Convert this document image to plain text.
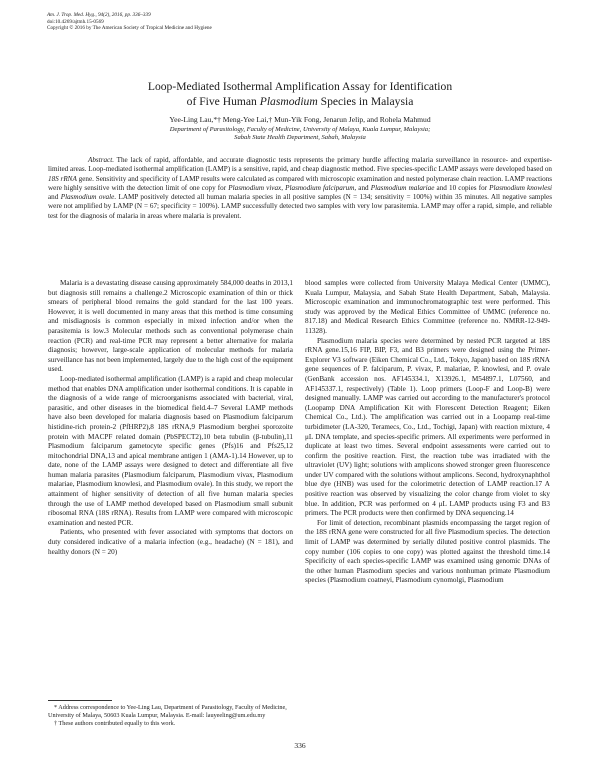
Am. J. Trop. Med. Hyg., 94(2), 2016, pp. 336–339
doi:10.4269/ajtmh.15-0569
Copyright © 2016 by The American Society of Tropical Medicine and Hygiene
Loop-Mediated Isothermal Amplification Assay for Identification
of Five Human Plasmodium Species in Malaysia
Yee-Ling Lau,*† Meng-Yee Lai,† Mun-Yik Fong, Jenarun Jelip, and Rohela Mahmud
Department of Parasitology, Faculty of Medicine, University of Malaya, Kuala Lumpur, Malaysia;
Sabah State Health Department, Sabah, Malaysia
Abstract. The lack of rapid, affordable, and accurate diagnostic tests represents the primary hurdle affecting malaria surveillance in resource- and expertise-limited areas. Loop-mediated isothermal amplification (LAMP) is a sensitive, rapid, and cheap diagnostic method. Five species-specific LAMP assays were developed based on 18S rRNA gene. Sensitivity and specificity of LAMP results were calculated as compared with microscopic examination and nested polymerase chain reaction. LAMP reactions were highly sensitive with the detection limit of one copy for Plasmodium vivax, Plasmodium falciparum, and Plasmodium malariae and 10 copies for Plasmodium knowlesi and Plasmodium ovale. LAMP positively detected all human malaria species in all positive samples (N = 134; sensitivity = 100%) within 35 minutes. All negative samples were not amplified by LAMP (N = 67; specificity = 100%). LAMP successfully detected two samples with very low parasitemia. LAMP may offer a rapid, simple, and reliable test for the diagnosis of malaria in areas where malaria is prevalent.

Malaria is a devastating disease causing approximately 584,000 deaths in 2013,1 but diagnosis still remains a challenge.2 Microscopic examination of thin or thick smears of peripheral blood remains the gold standard for the last 100 years. However, it is well documented in many areas that this method is time consuming and misdiagnosis is common especially in mixed infection and/or when the parasitemia is low.3 Molecular methods such as conventional polymerase chain reaction (PCR) and real-time PCR may represent a better alternative for malaria diagnosis; however, large-scale application of molecular methods for malaria surveillance has not been implemented, largely due to the high cost of the equipment used.

Loop-mediated isothermal amplification (LAMP) is a rapid and cheap molecular method that enables DNA amplification under isothermal conditions. It is capable in the diagnosis of a wide range of microorganisms associated with bacterial, viral, parasitic, and other diseases in the biomedical field.4–7 Several LAMP methods have also been developed for malaria diagnosis based on Plasmodium falciparum histidine-rich protein-2 (PfHRP2),8 18S rRNA,9 Plasmodium berghei sporozoite protein with MACPF related domain (PbSPECT2),10 beta tubulin (β-tubulin),11 Plasmodium falciparum gametocyte specific genes (Pfs)16 and Pfs25,12 mitochondrial DNA,13 and apical membrane antigen 1 (AMA-1).14 However, up to date, none of the LAMP assays were designed to detect and differentiate all five human malaria parasites (Plasmodium falciparum, Plasmodium vivax, Plasmodium malariae, Plasmodium knowlesi, and Plasmodium ovale). In this study, we report the attainment of higher sensitivity of detection of all five human malaria species through the use of LAMP method developed based on Plasmodium small subunit ribosomal RNA (18S rRNA). Results from LAMP were compared with microscopic examination and nested PCR.

Patients, who presented with fever associated with symptoms that doctors on duty considered indicative of a malaria infection (e.g., headache) (N = 181), and healthy donors (N = 20)

blood samples were collected from University Malaya Medical Center (UMMC), Kuala Lumpur, Malaysia, and Sabah State Health Department, Sabah, Malaysia. Microscopic examination and immunochromatographic test were performed. This study was approved by the Medical Ethics Committee of UMMC (reference no. 817.18) and Medical Research Ethics Committee (reference no. NMRR-12-949-11328).

Plasmodium malaria species were determined by nested PCR targeted at 18S rRNA gene.15,16 FIP, BIP, F3, and B3 primers were designed using the Primer-Explorer V3 software (Eiken Chemical Co., Ltd., Tokyo, Japan) based on 18S rRNA gene sequences of P. falciparum, P. vivax, P. malariae, P. knowlesi, and P. ovale (GenBank accession nos. AF145334.1, X13926.1, M54897.1, L07560, and AF145337.1, respectively) (Table 1). Loop primers (Loop-F and Loop-B) were designed manually. LAMP was carried out according to the manufacturer's protocol (Loopamp DNA Amplification Kit with Florescent Detection Reagent; Eiken Chemical Co., Ltd.). The amplification was carried out in a Loopamp real-time turbidimeter (LA-320, Teramecs, Co., Ltd., Tochigi, Japan) with reaction mixture, 4 μL DNA template, and species-specific primers. All experiments were performed in duplicate at least two times. Several endpoint assessments were carried out to confirm the positive reaction. First, the reaction tube was irradiated with the ultraviolet (UV) light; solutions with amplicons showed stronger green fluorescence under UV compared with the solutions without amplicons. Second, hydroxynaphthol blue dye (HNB) was used for the colorimetric detection of LAMP reaction.17 A positive reaction was observed by visualizing the color change from violet to sky blue. In addition, PCR was performed on 4 μL LAMP products using F3 and B3 primers. The PCR products were then confirmed by DNA sequencing.14

For limit of detection, recombinant plasmids encompassing the target region of the 18S rRNA gene were constructed for all five Plasmodium species. The detection limit of LAMP was determined by serially diluted positive control plasmids. The copy number (106 copies to one copy) was plotted against the threshold time.14 Specificity of each species-specific LAMP was examined using genomic DNAs of the other human Plasmodium species and various nonhuman primate Plasmodium species (Plasmodium coatneyi, Plasmodium cynomolgi, Plasmodium

* Address correspondence to Yee-Ling Lau, Department of Parasitology, Faculty of Medicine, University of Malaya, 50603 Kuala Lumpur, Malaysia. E-mail: lauyeeling@um.edu.my

† These authors contributed equally to this work.

336
